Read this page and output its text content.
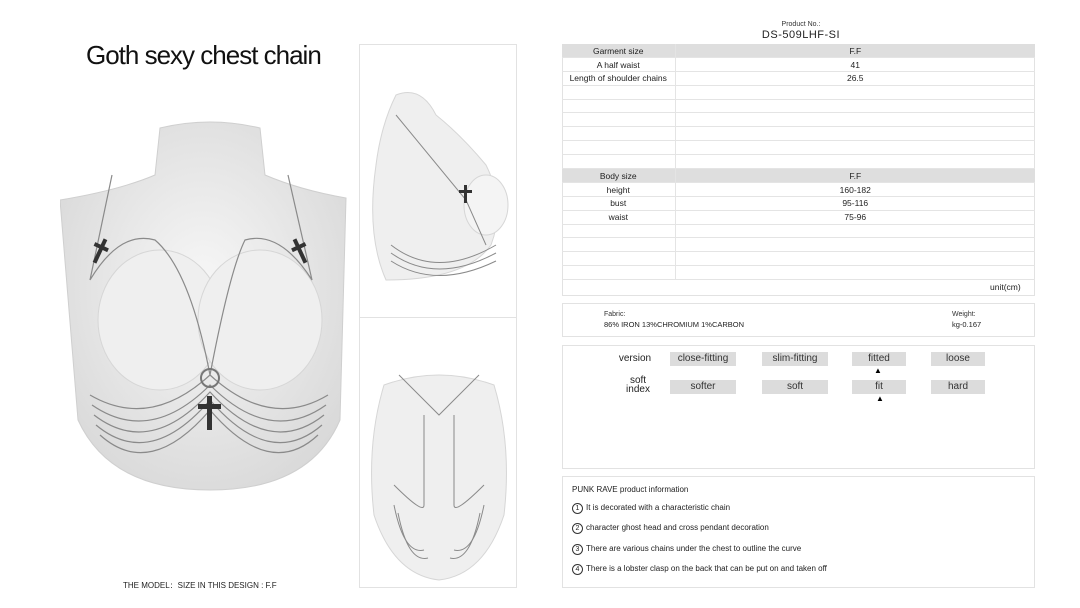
Goth sexy chest chain
THE MODEL：SIZE IN THIS DESIGN : F.F
Product No.:
DS-509LHF-SI
Garment size	F.F
A half waist	41
Length of shoulder chains	26.5

Body size	F.F
height	160-182
bust	95-116
waist	75-96

unit(cm)
Fabric:
86% IRON 13%CHROMIUM 1%CARBON
Weight:
kg-0.167
version	close-fitting	slim-fitting	fitted	loose
▲
soft
index	softer	soft	fit	hard
▲
PUNK RAVE product information
1 It is decorated with a characteristic chain
2 character ghost head and cross pendant decoration
3 There are various chains under the chest to outline the curve
4 There is a lobster clasp on the back that can be put on and taken off
